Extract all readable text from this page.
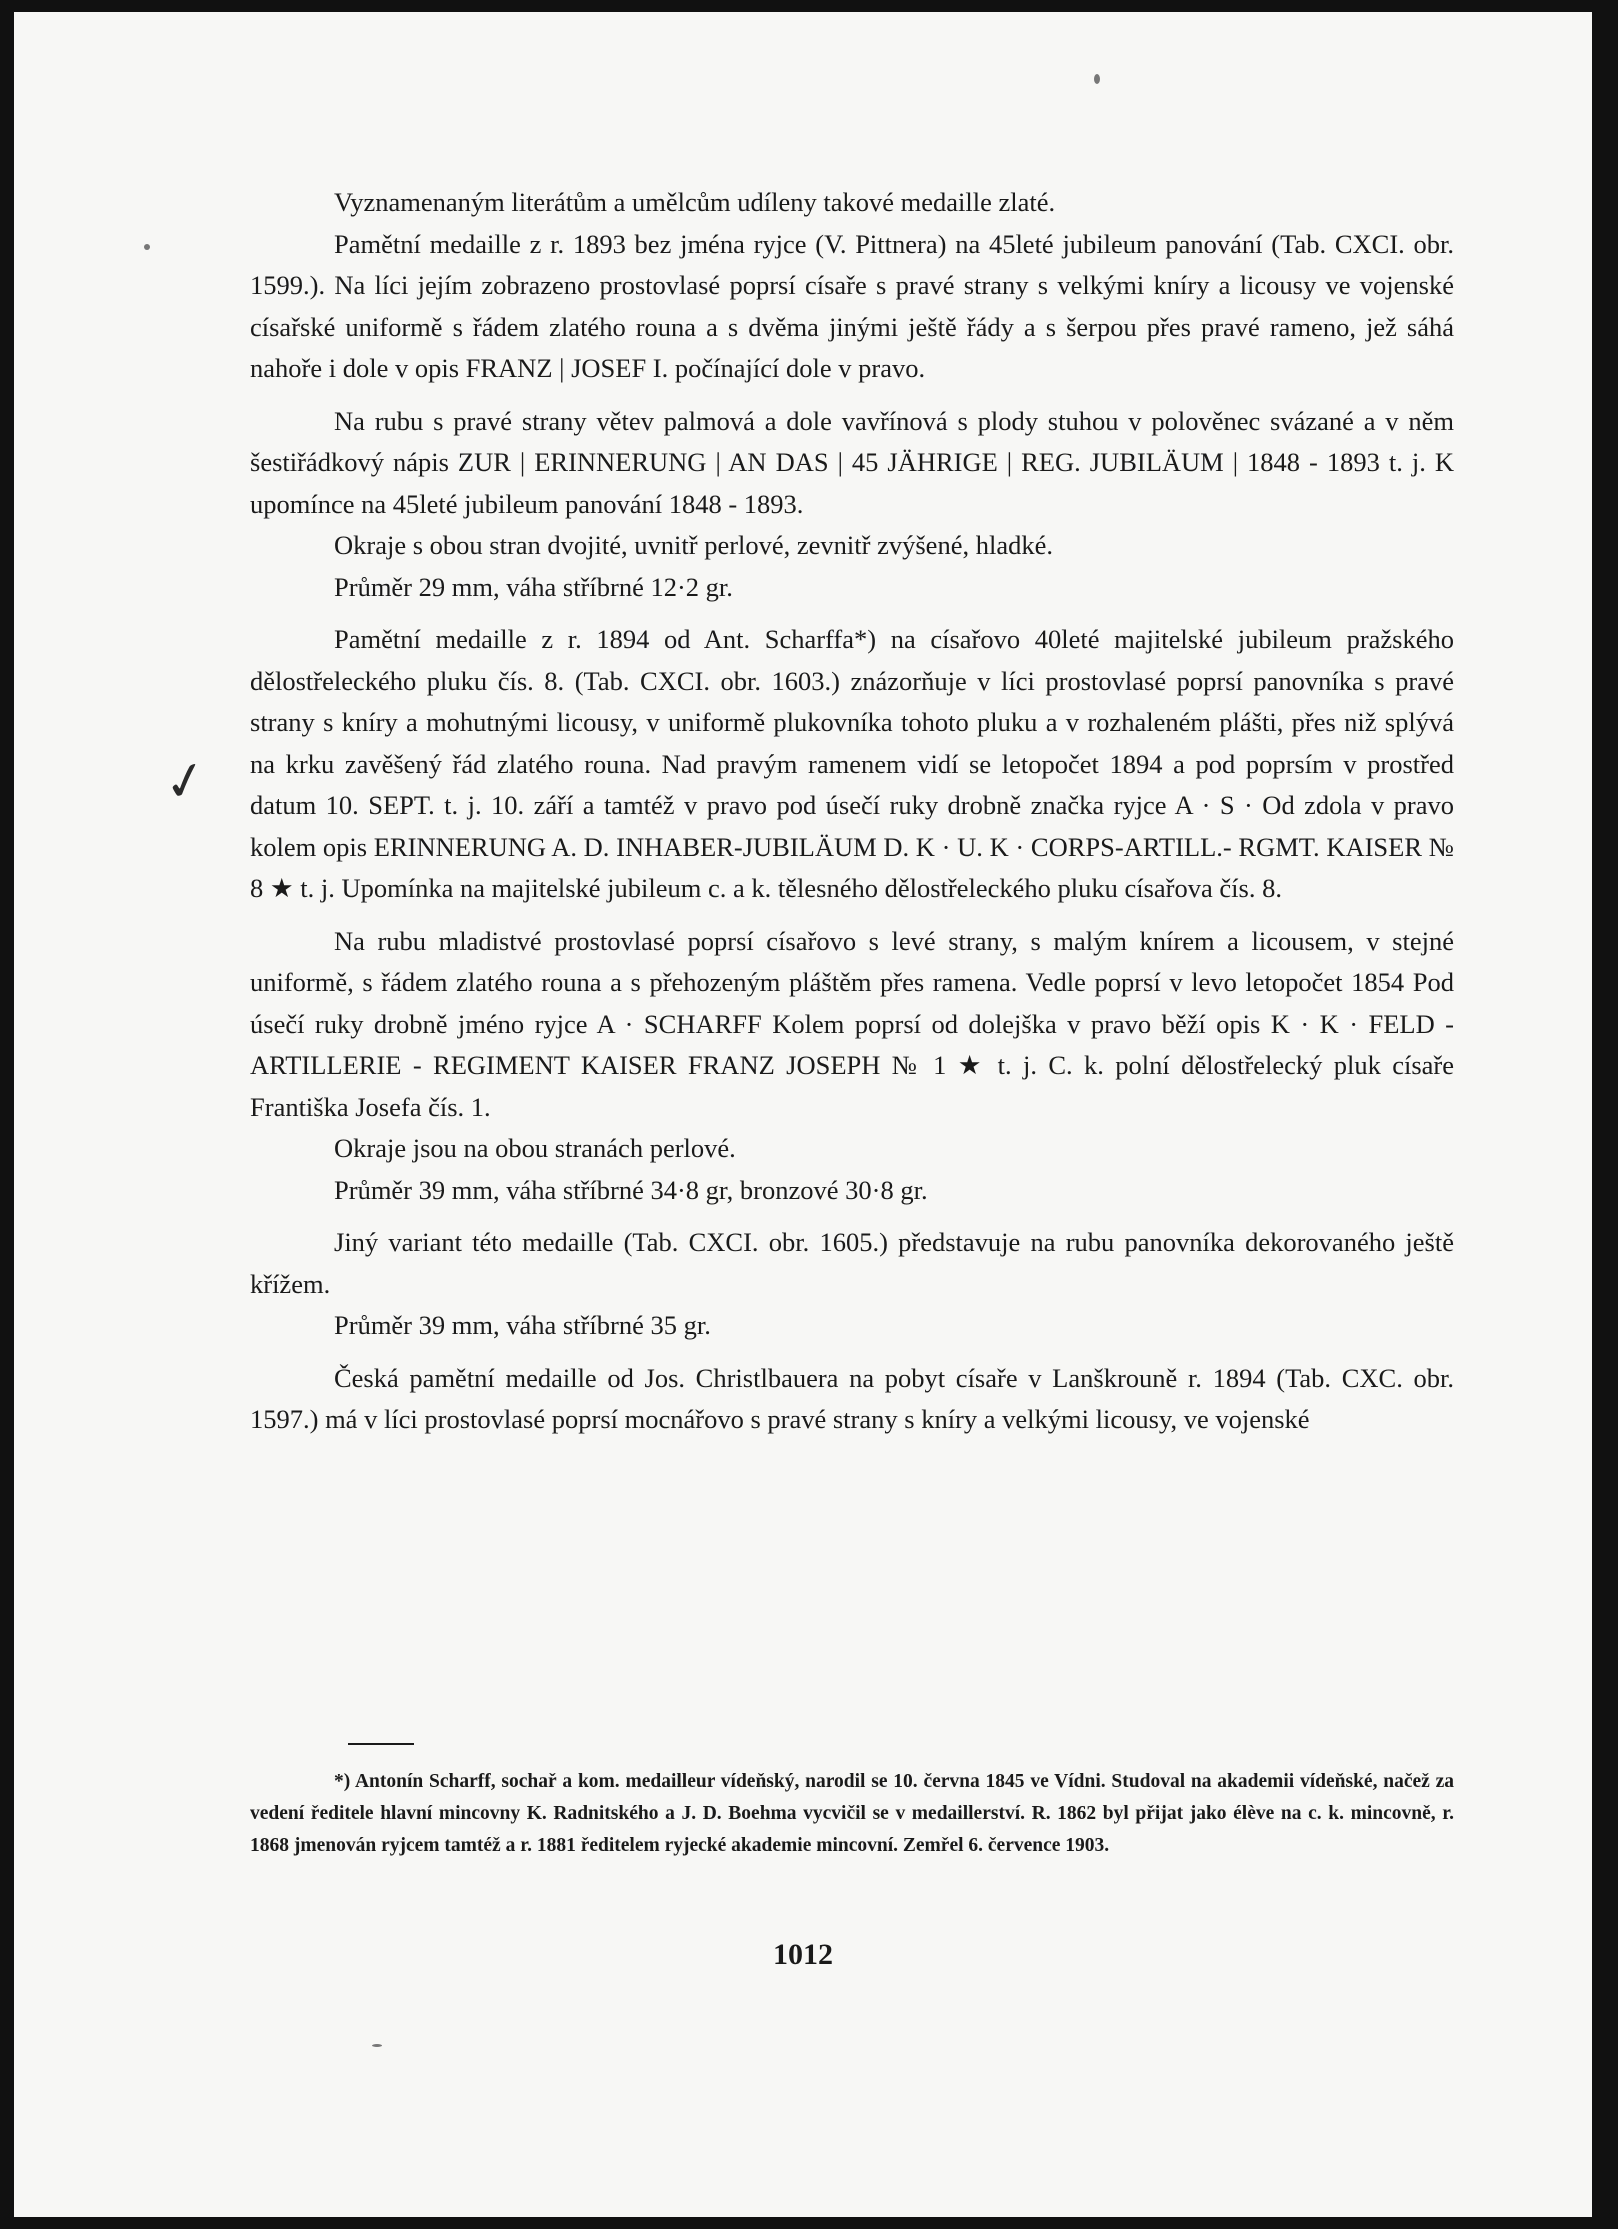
✓

Vyznamenaným literátům a umělcům udíleny takové medaille zlaté.

Pamětní medaille z r. 1893 bez jména ryjce (V. Pittnera) na 45leté jubileum panování (Tab. CXCI. obr. 1599.). Na líci jejím zobrazeno prostovlasé poprsí císaře s pravé strany s velkými kníry a licousy ve vojenské císařské uniformě s řádem zlatého rouna a s dvěma jinými ještě řády a s šerpou přes pravé rameno, jež sáhá nahoře i dole v opis FRANZ | JOSEF I. počínající dole v pravo.

Na rubu s pravé strany větev palmová a dole vavřínová s plody stuhou v polověnec svázané a v něm šestiřádkový nápis ZUR | ERINNERUNG | AN DAS | 45 JÄHRIGE | REG. JUBILÄUM | 1848 - 1893 t. j. K upomínce na 45leté jubileum panování 1848 - 1893.

Okraje s obou stran dvojité, uvnitř perlové, zevnitř zvýšené, hladké.

Průměr 29 mm, váha stříbrné 12·2 gr.

Pamětní medaille z r. 1894 od Ant. Scharffa*) na císařovo 40leté majitelské jubileum pražského dělostřeleckého pluku čís. 8. (Tab. CXCI. obr. 1603.) znázorňuje v líci prostovlasé poprsí panovníka s pravé strany s kníry a mohutnými licousy, v uniformě plukovníka tohoto pluku a v rozhaleném plášti, přes niž splývá na krku zavěšený řád zlatého rouna. Nad pravým ramenem vidí se letopočet 1894 a pod poprsím v prostřed datum 10. SEPT. t. j. 10. září a tamtéž v pravo pod úsečí ruky drobně značka ryjce A · S · Od zdola v pravo kolem opis ERINNERUNG A. D. INHABER-JUBILÄUM D. K · U. K · CORPS-ARTILL.- RGMT. KAISER № 8 ★ t. j. Upomínka na majitelské jubileum c. a k. tělesného dělostřeleckého pluku císařova čís. 8.

Na rubu mladistvé prostovlasé poprsí císařovo s levé strany, s malým knírem a licousem, v stejné uniformě, s řádem zlatého rouna a s přehozeným pláštěm přes ramena. Vedle poprsí v levo letopočet 1854 Pod úsečí ruky drobně jméno ryjce A · SCHARFF Kolem poprsí od dolejška v pravo běží opis K · K · FELD - ARTILLERIE - REGIMENT KAISER FRANZ JOSEPH № 1 ★ t. j. C. k. polní dělostřelecký pluk císaře Františka Josefa čís. 1.

Okraje jsou na obou stranách perlové.

Průměr 39 mm, váha stříbrné 34·8 gr, bronzové 30·8 gr.

Jiný variant této medaille (Tab. CXCI. obr. 1605.) představuje na rubu panovníka dekorovaného ještě křížem.

Průměr 39 mm, váha stříbrné 35 gr.

Česká pamětní medaille od Jos. Christlbauera na pobyt císaře v Lanškrouně r. 1894 (Tab. CXC. obr. 1597.) má v líci prostovlasé poprsí mocnářovo s pravé strany s kníry a velkými licousy, ve vojenské

*) Antonín Scharff, sochař a kom. medailleur vídeňský, narodil se 10. června 1845 ve Vídni. Studoval na akademii vídeňské, načež za vedení ředitele hlavní mincovny K. Radnitského a J. D. Boehma vycvičil se v medaillerství. R. 1862 byl přijat jako élève na c. k. mincovně, r. 1868 jmenován ryjcem tamtéž a r. 1881 ředitelem ryjecké akademie mincovní. Zemřel 6. července 1903.
1012
